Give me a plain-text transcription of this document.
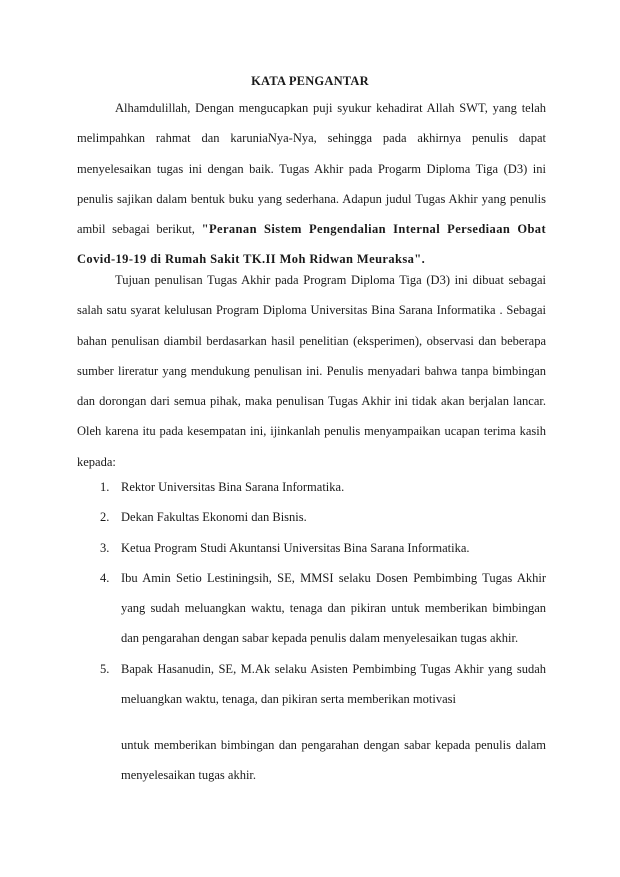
KATA PENGANTAR

Alhamdulillah, Dengan mengucapkan puji syukur kehadirat Allah SWT, yang telah melimpahkan rahmat dan karuniaNya-Nya, sehingga pada akhirnya penulis dapat menyelesaikan tugas ini dengan baik. Tugas Akhir pada Progarm Diploma Tiga (D3) ini penulis sajikan dalam bentuk buku yang sederhana. Adapun judul Tugas Akhir yang penulis ambil sebagai berikut, "Peranan Sistem Pengendalian Internal Persediaan Obat Covid-19-19 di Rumah Sakit TK.II Moh Ridwan Meuraksa".

Tujuan penulisan Tugas Akhir pada Program Diploma Tiga (D3) ini dibuat sebagai salah satu syarat kelulusan Program Diploma Universitas Bina Sarana Informatika . Sebagai bahan penulisan diambil berdasarkan hasil penelitian (eksperimen), observasi dan beberapa sumber lireratur yang mendukung penulisan ini. Penulis menyadari bahwa tanpa bimbingan dan dorongan dari semua pihak, maka penulisan Tugas Akhir ini tidak akan berjalan lancar. Oleh karena itu pada kesempatan ini, ijinkanlah penulis menyampaikan ucapan terima kasih kepada:

1. Rektor Universitas Bina Sarana Informatika.
2. Dekan Fakultas Ekonomi dan Bisnis.
3. Ketua Program Studi Akuntansi Universitas Bina Sarana Informatika.
4. Ibu Amin Setio Lestiningsih, SE, MMSI selaku Dosen Pembimbing Tugas Akhir yang sudah meluangkan waktu, tenaga dan pikiran untuk memberikan bimbingan dan pengarahan dengan sabar kepada penulis dalam menyelesaikan tugas akhir.
5. Bapak Hasanudin, SE, M.Ak selaku Asisten Pembimbing Tugas Akhir yang sudah meluangkan waktu, tenaga, dan pikiran serta memberikan motivasi

untuk memberikan bimbingan dan pengarahan dengan sabar kepada penulis dalam menyelesaikan tugas akhir.
